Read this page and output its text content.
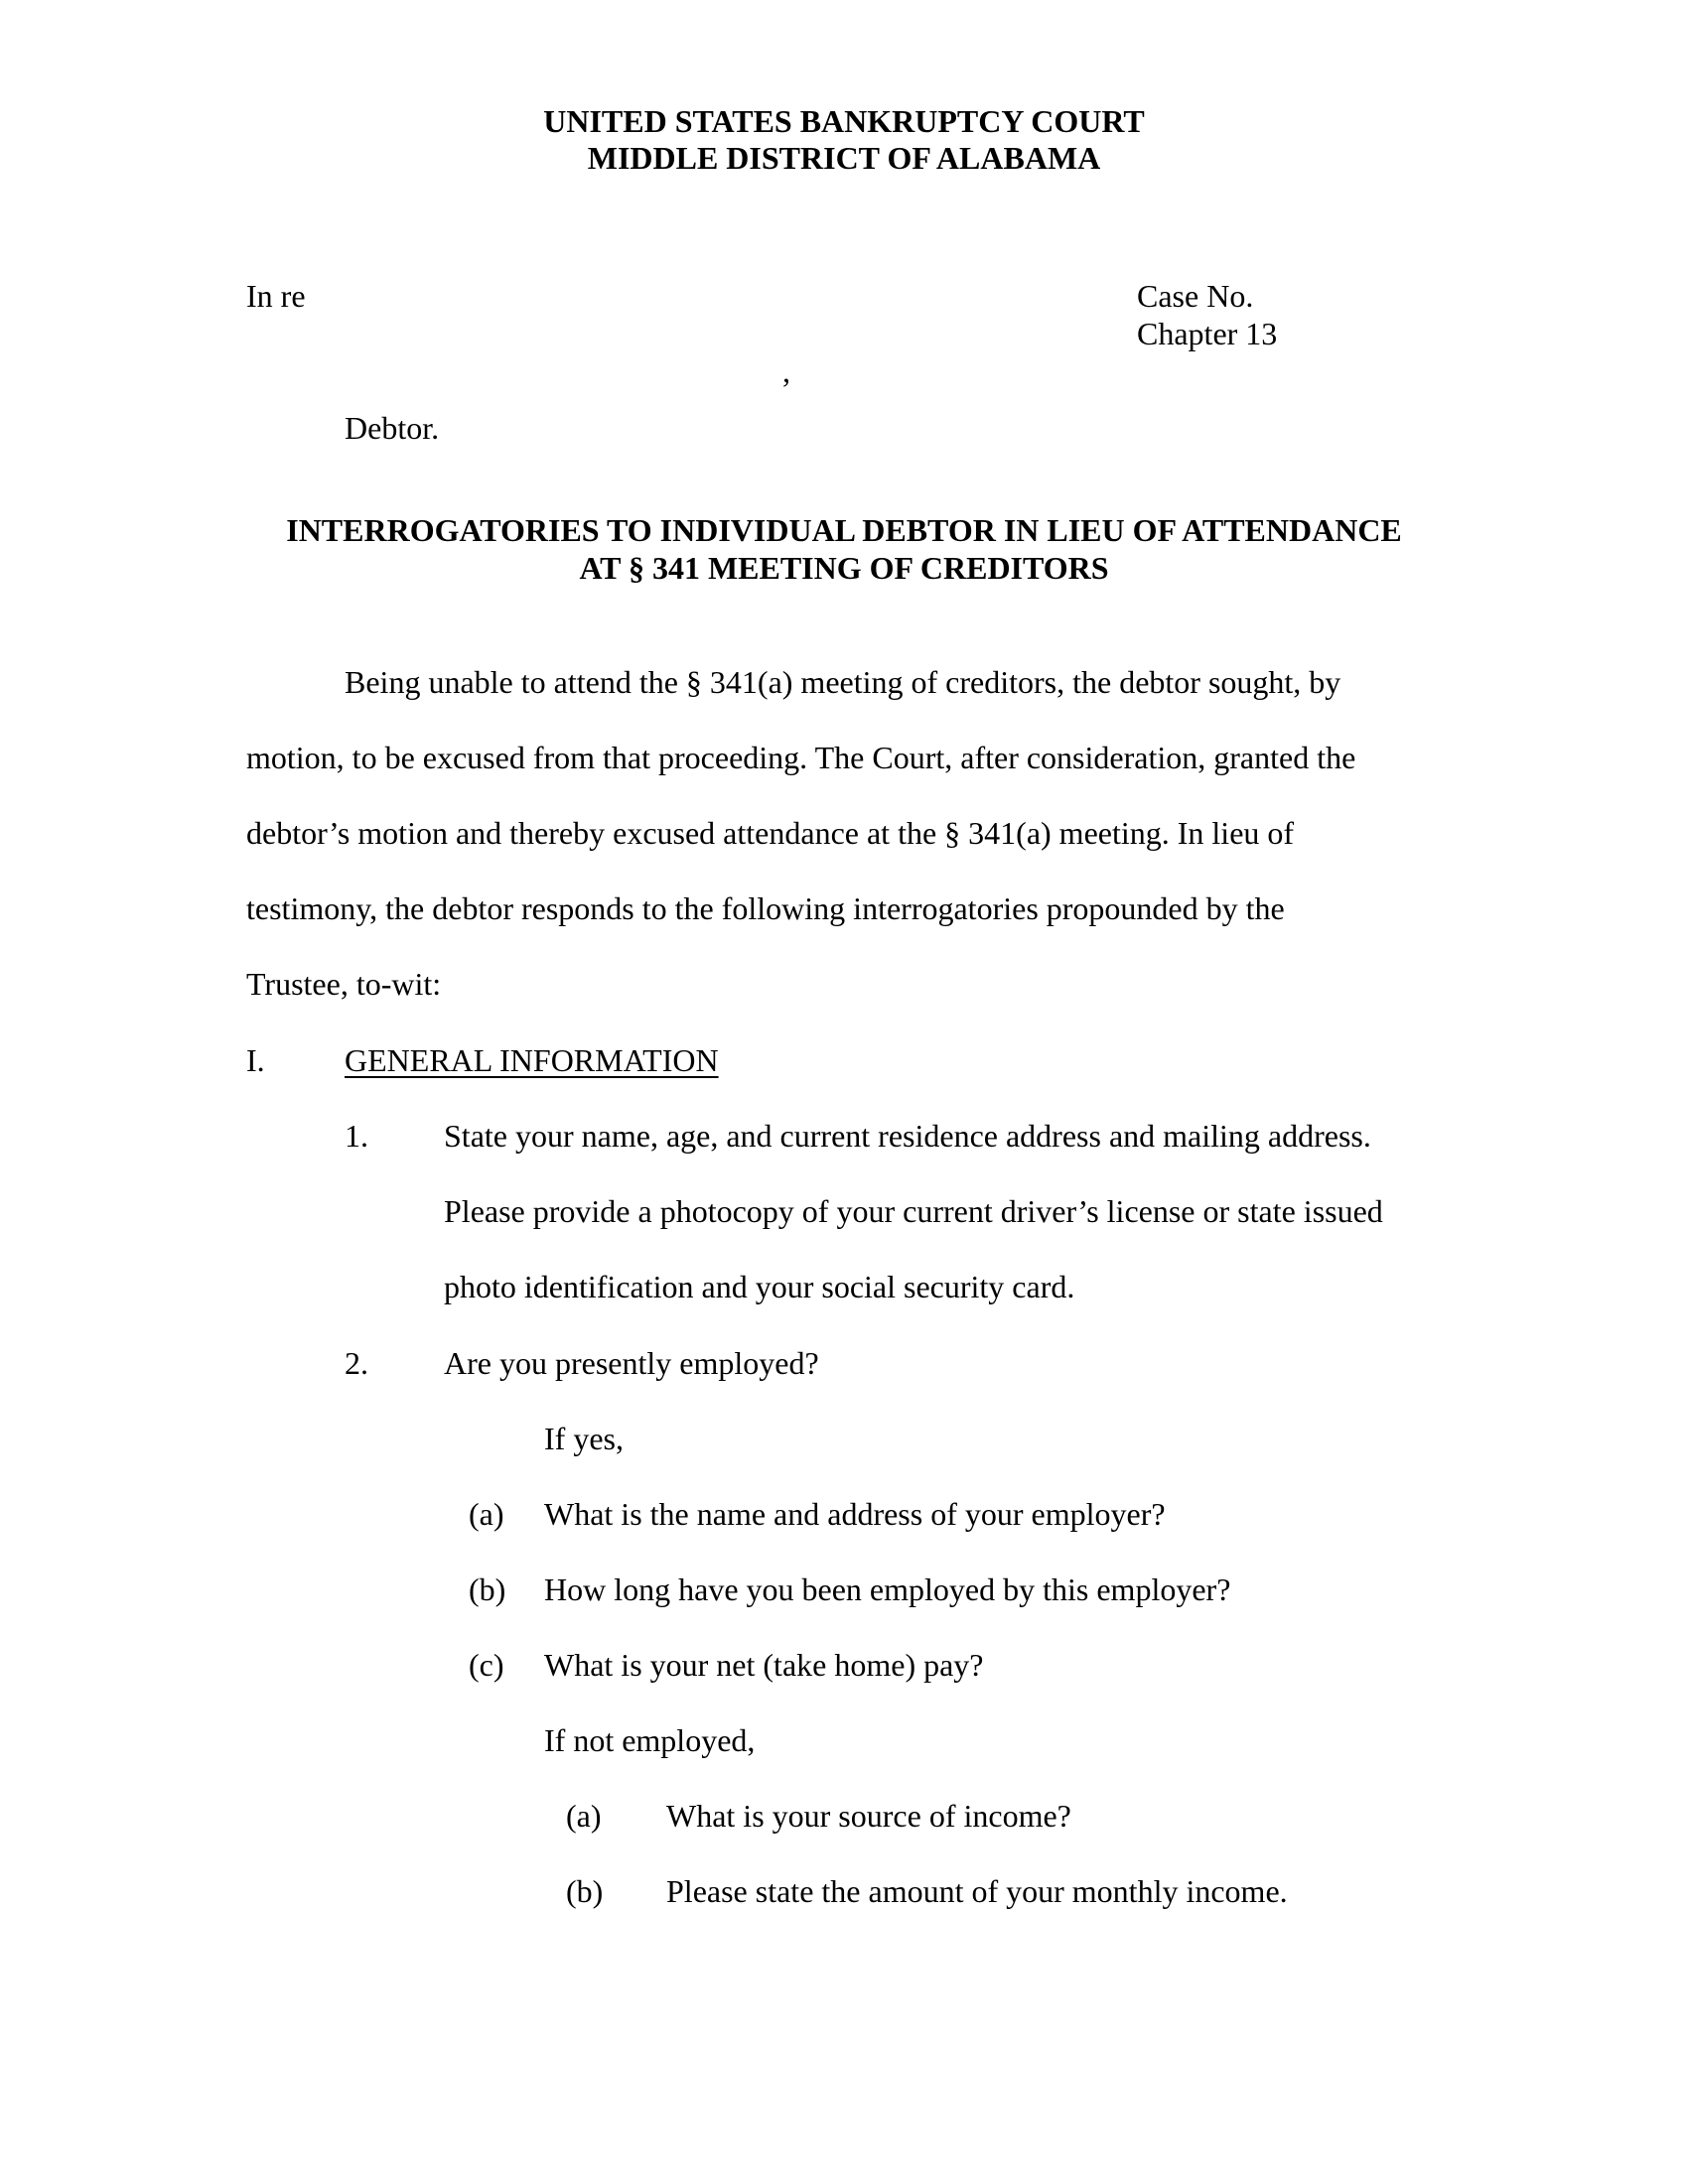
UNITED STATES BANKRUPTCY COURT
MIDDLE DISTRICT OF ALABAMA
In re	Case No.
Chapter 13
,
Debtor.
INTERROGATORIES TO INDIVIDUAL DEBTOR IN LIEU OF ATTENDANCE
AT § 341 MEETING OF CREDITORS
Being unable to attend the § 341(a) meeting of creditors, the debtor sought, by
motion, to be excused from that proceeding. The Court, after consideration, granted the
debtor’s motion and thereby excused attendance at the § 341(a) meeting. In lieu of
testimony, the debtor responds to the following interrogatories propounded by the
Trustee, to-wit:
I.	GENERAL INFORMATION
1. State your name, age, and current residence address and mailing address.
Please provide a photocopy of your current driver’s license or state issued
photo identification and your social security card.
2. Are you presently employed?
If yes,
(a) What is the name and address of your employer?
(b) How long have you been employed by this employer?
(c) What is your net (take home) pay?
If not employed,
(a) What is your source of income?
(b) Please state the amount of your monthly income.
